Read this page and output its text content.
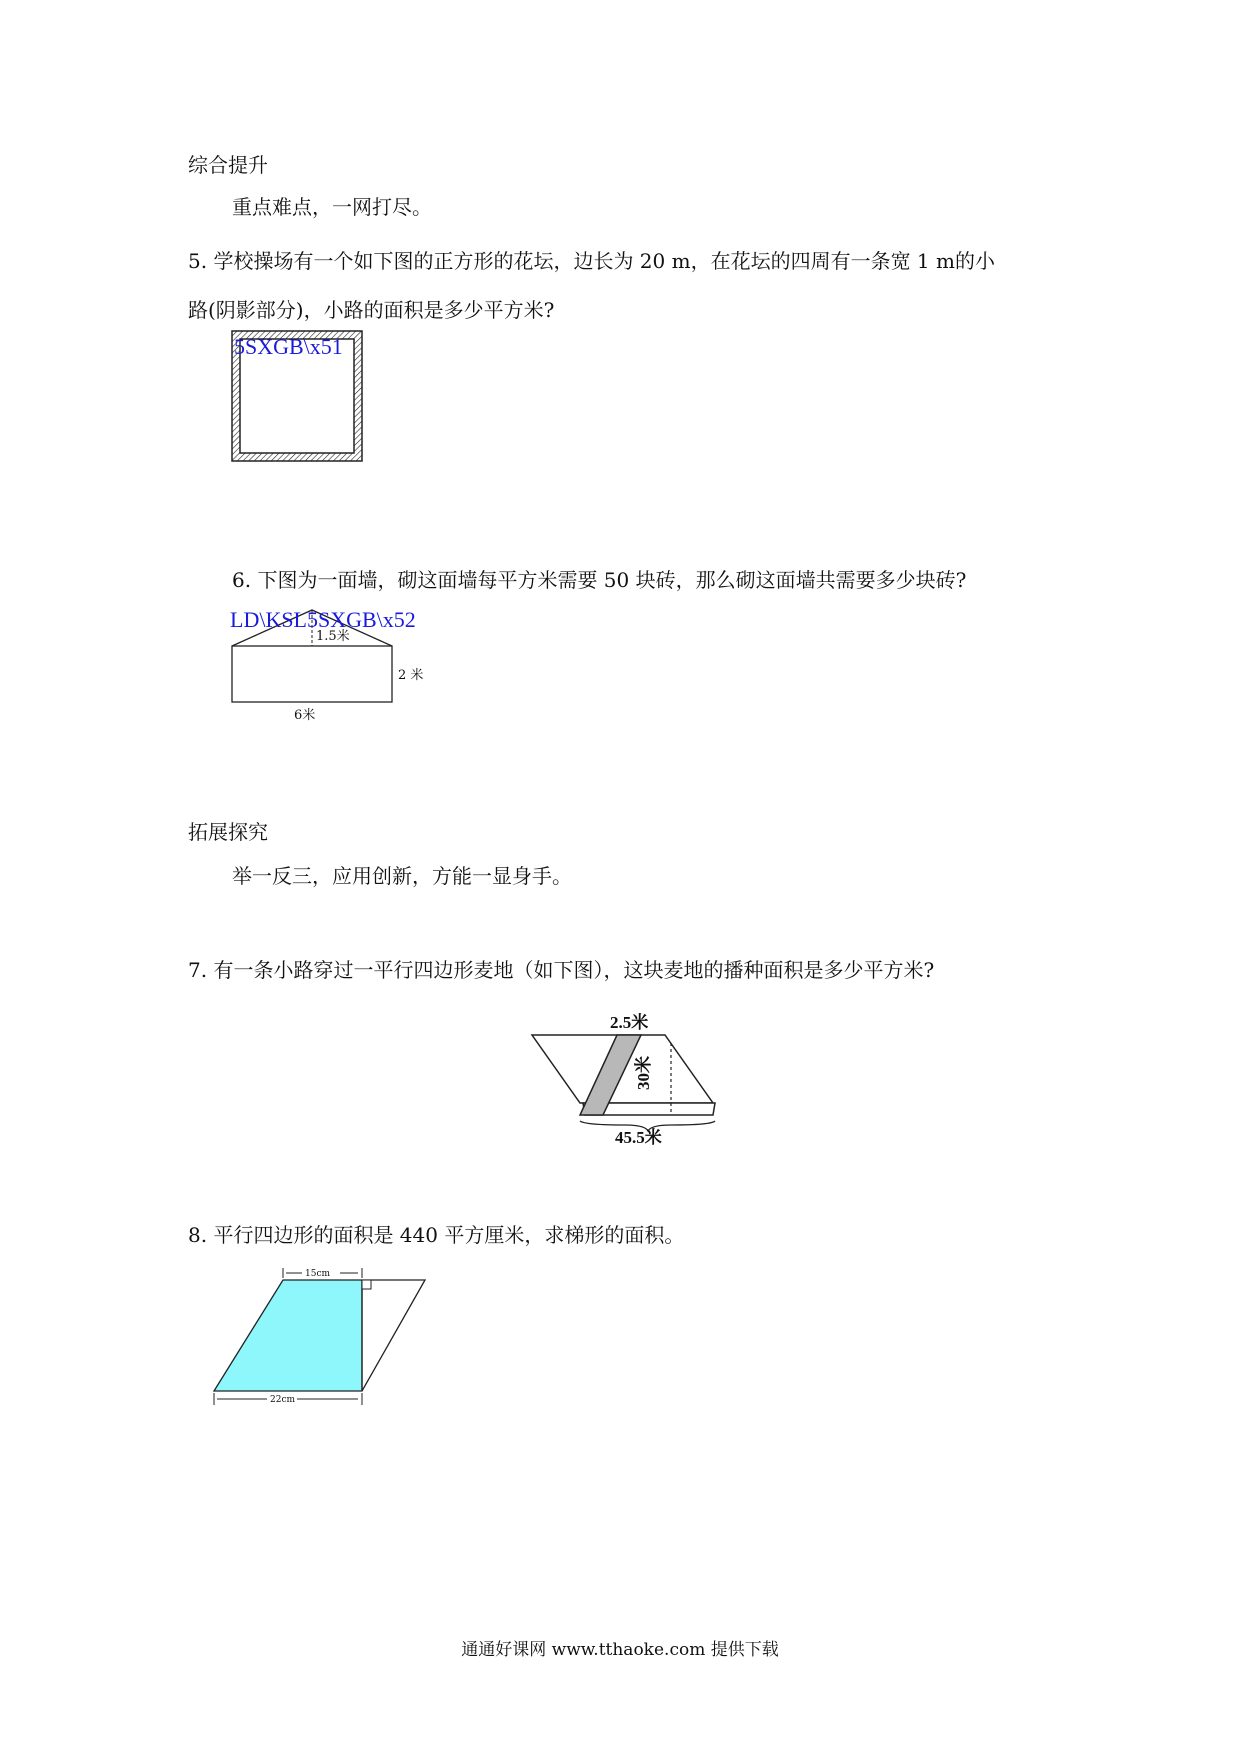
综合提升
重点难点，一网打尽。
5. 学校操场有一个如下图的正方形的花坛，边长为 20 m，在花坛的四周有一条宽 1 m的小
路(阴影部分)，小路的面积是多少平方米?
5SXGB\x51
6. 下图为一面墙，砌这面墙每平方米需要 50 块砖，那么砌这面墙共需要多少块砖?
LD\KSL5SXGB\x52
1.5米
2 米
6米
拓展探究
举一反三，应用创新，方能一显身手。
7. 有一条小路穿过一平行四边形麦地（如下图），这块麦地的播种面积是多少平方米?
2.5米
30米
45.5米
8. 平行四边形的面积是 440 平方厘米，求梯形的面积。
15cm
22cm
通通好课网 www.tthaoke.com 提供下载
